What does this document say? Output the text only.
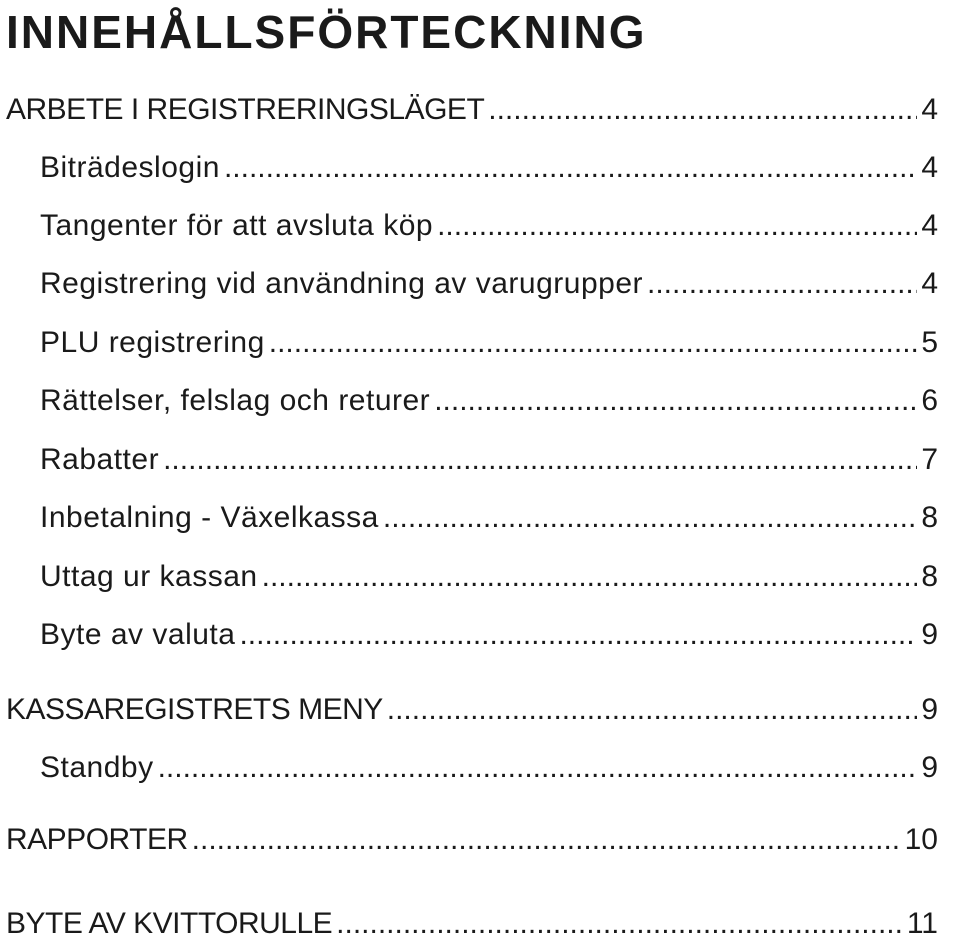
INNEHÅLLSFÖRTECKNING
ARBETE I REGISTRERINGSLÄGET .....	4
Biträdeslogin .....	4
Tangenter för att avsluta köp .....	4
Registrering vid användning av varugrupper .....	4
PLU registrering .....	5
Rättelser, felslag och returer .....	6
Rabatter .....	7
Inbetalning - Växelkassa .....	8
Uttag ur kassan .....	8
Byte av valuta .....	9
KASSAREGISTRETS MENY .....	9
Standby .....	9
RAPPORTER .....	10
BYTE AV KVITTORULLE .....	11
